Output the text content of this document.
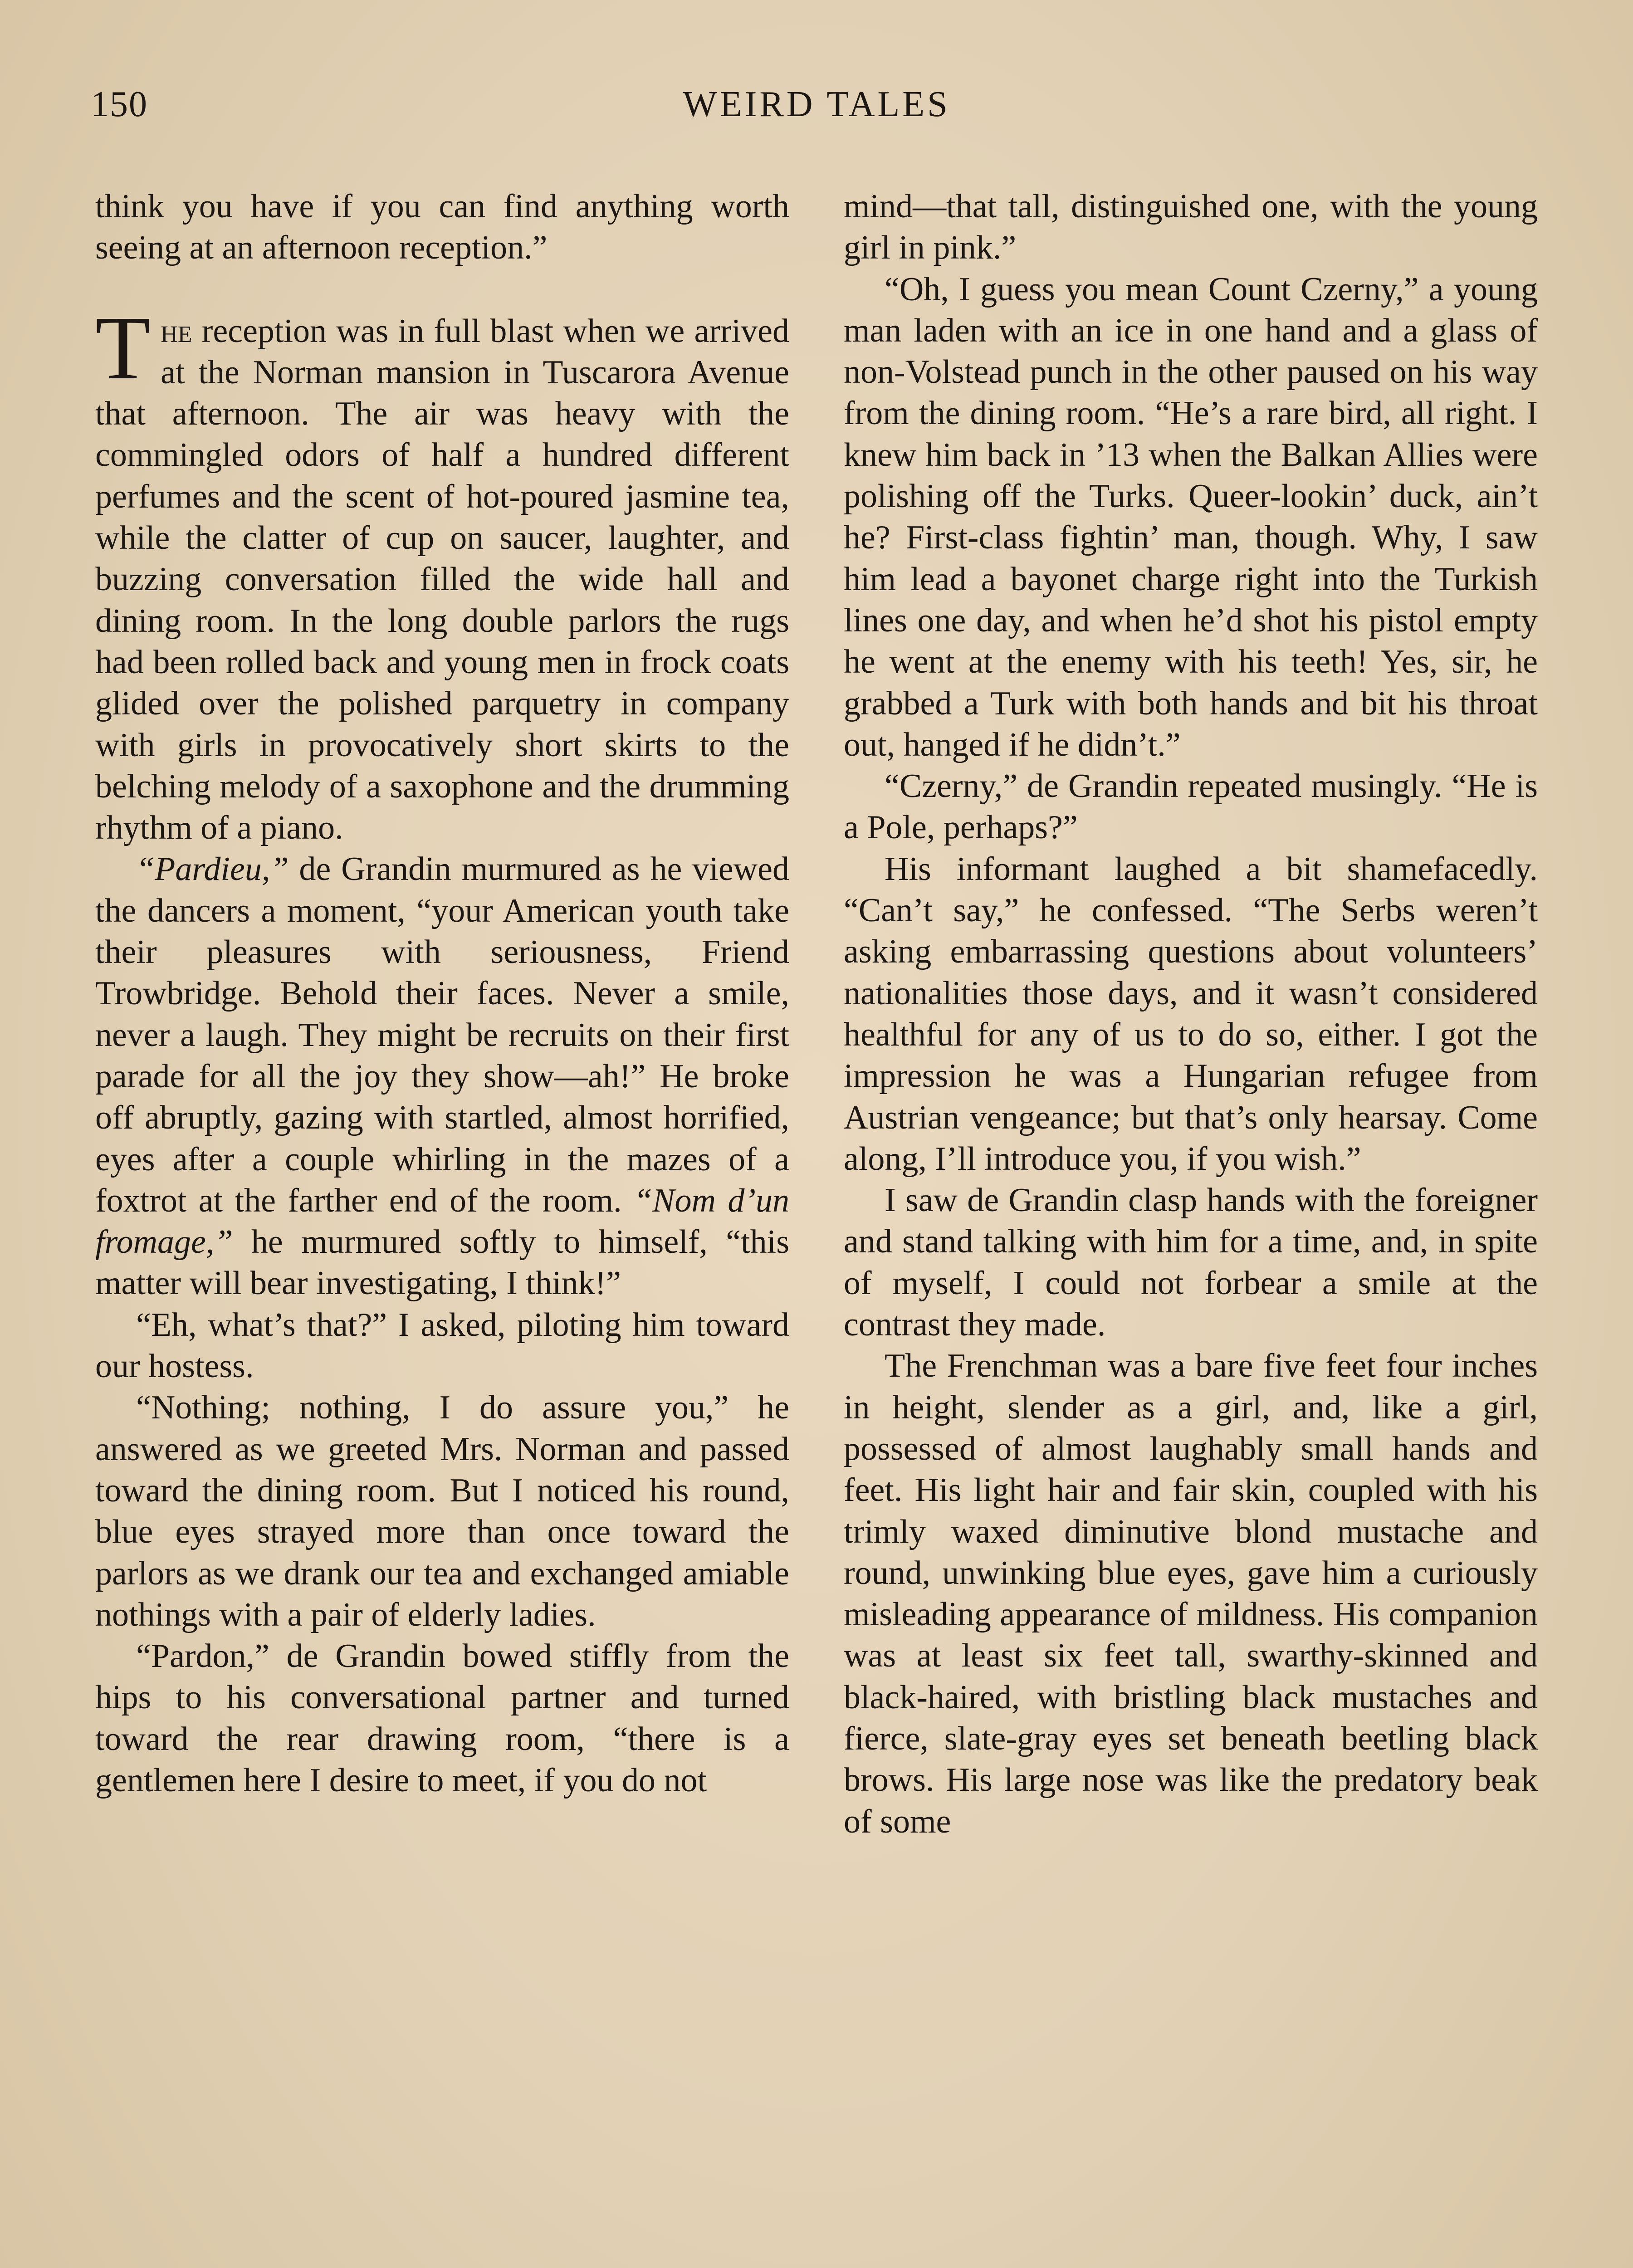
150	WEIRD TALES

think you have if you can find anything worth seeing at an afternoon reception.”

The reception was in full blast when we arrived at the Norman mansion in Tuscarora Avenue that afternoon. The air was heavy with the commingled odors of half a hundred different perfumes and the scent of hot-poured jasmine tea, while the clatter of cup on saucer, laughter, and buzzing conversation filled the wide hall and dining room. In the long double parlors the rugs had been rolled back and young men in frock coats glided over the polished parquetry in company with girls in provocatively short skirts to the belching melody of a saxophone and the drumming rhythm of a piano.

“Pardieu,” de Grandin murmured as he viewed the dancers a moment, “your American youth take their pleasures with seriousness, Friend Trowbridge. Behold their faces. Never a smile, never a laugh. They might be recruits on their first parade for all the joy they show—ah!” He broke off abruptly, gazing with startled, almost horrified, eyes after a couple whirling in the mazes of a foxtrot at the farther end of the room. “Nom d’un fromage,” he murmured softly to himself, “this matter will bear investigating, I think!”

“Eh, what’s that?” I asked, piloting him toward our hostess.

“Nothing; nothing, I do assure you,” he answered as we greeted Mrs. Norman and passed toward the dining room. But I noticed his round, blue eyes strayed more than once toward the parlors as we drank our tea and exchanged amiable nothings with a pair of elderly ladies.

“Pardon,” de Grandin bowed stiffly from the hips to his conversational partner and turned toward the rear drawing room, “there is a gentlemen here I desire to meet, if you do not

mind—that tall, distinguished one, with the young girl in pink.”

“Oh, I guess you mean Count Czerny,” a young man laden with an ice in one hand and a glass of non-Volstead punch in the other paused on his way from the dining room. “He’s a rare bird, all right. I knew him back in ’13 when the Balkan Allies were polishing off the Turks. Queer-lookin’ duck, ain’t he? First-class fightin’ man, though. Why, I saw him lead a bayonet charge right into the Turkish lines one day, and when he’d shot his pistol empty he went at the enemy with his teeth! Yes, sir, he grabbed a Turk with both hands and bit his throat out, hanged if he didn’t.”

“Czerny,” de Grandin repeated musingly. “He is a Pole, perhaps?”

His informant laughed a bit shamefacedly. “Can’t say,” he confessed. “The Serbs weren’t asking embarrassing questions about volunteers’ nationalities those days, and it wasn’t considered healthful for any of us to do so, either. I got the impression he was a Hungarian refugee from Austrian vengeance; but that’s only hearsay. Come along, I’ll introduce you, if you wish.”

I saw de Grandin clasp hands with the foreigner and stand talking with him for a time, and, in spite of myself, I could not forbear a smile at the contrast they made.

The Frenchman was a bare five feet four inches in height, slender as a girl, and, like a girl, possessed of almost laughably small hands and feet. His light hair and fair skin, coupled with his trimly waxed diminutive blond mustache and round, unwinking blue eyes, gave him a curiously misleading appearance of mildness. His companion was at least six feet tall, swarthy-skinned and black-haired, with bristling black mustaches and fierce, slate-gray eyes set beneath beetling black brows. His large nose was like the predatory beak of some
